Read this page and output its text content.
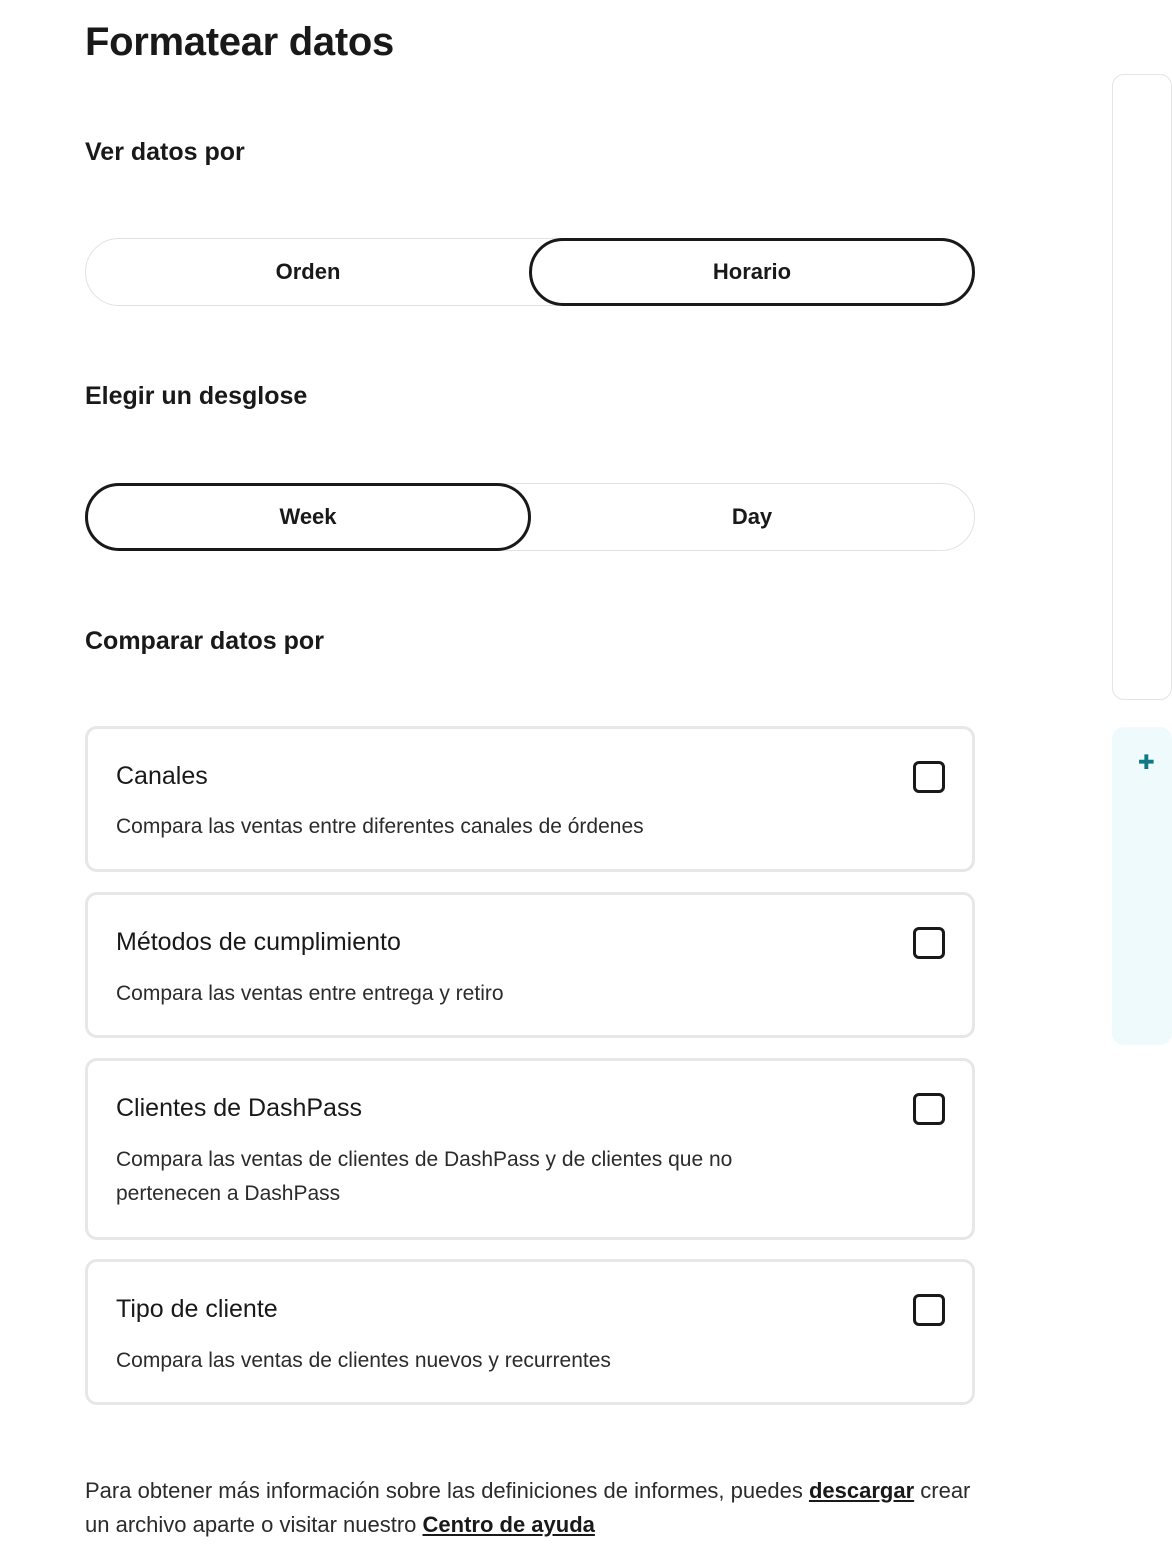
Formatear datos
Ver datos por
Orden	Horario
Elegir un desglose
Week	Day
Comparar datos por
Canales
Compara las ventas entre diferentes canales de órdenes
Métodos de cumplimiento
Compara las ventas entre entrega y retiro
Clientes de DashPass
Compara las ventas de clientes de DashPass y de clientes que no pertenecen a DashPass
Tipo de cliente
Compara las ventas de clientes nuevos y recurrentes

Para obtener más información sobre las definiciones de informes, puedes descargar crear un archivo aparte o visitar nuestro Centro de ayuda

✚
